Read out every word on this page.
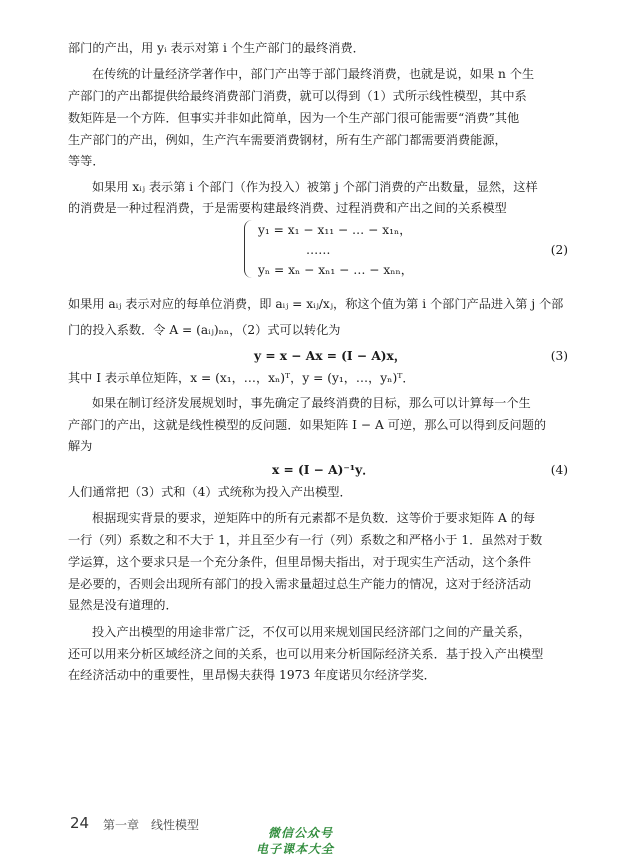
部门的产出，用 yᵢ 表示对第 i 个生产部门的最终消费．
在传统的计量经济学著作中，部门产出等于部门最终消费，也就是说，如果 n 个生
产部门的产出都提供给最终消费部门消费，就可以得到（1）式所示线性模型，其中系
数矩阵是一个方阵．但事实并非如此简单，因为一个生产部门很可能需要“消费”其他
生产部门的产出，例如，生产汽车需要消费钢材，所有生产部门都需要消费能源，
等等．
如果用 xᵢⱼ 表示第 i 个部门（作为投入）被第 j 个部门消费的产出数量，显然，这样
的消费是一种过程消费，于是需要构建最终消费、过程消费和产出之间的关系模型
y₁ = x₁ − x₁₁ − … − x₁ₙ，
……
yₙ = xₙ − xₙ₁ − … − xₙₙ，
(2)
如果用 aᵢⱼ 表示对应的每单位消费，即 aᵢⱼ = xᵢⱼ/xⱼ，称这个值为第 i 个部门产品进入第 j 个部
门的投入系数．令 A = (aᵢⱼ)ₙₙ，（2）式可以转化为
y = x − Ax = (I − A)x，	(3)
其中 I 表示单位矩阵，x = (x₁，…，xₙ)ᵀ，y = (y₁，…，yₙ)ᵀ．
如果在制订经济发展规划时，事先确定了最终消费的目标，那么可以计算每一个生
产部门的产出，这就是线性模型的反问题．如果矩阵 I − A 可逆，那么可以得到反问题的
解为
x = (I − A)⁻¹y．	(4)
人们通常把（3）式和（4）式统称为投入产出模型．
根据现实背景的要求，逆矩阵中的所有元素都不是负数．这等价于要求矩阵 A 的每
一行（列）系数之和不大于 1，并且至少有一行（列）系数之和严格小于 1．虽然对于数
学运算，这个要求只是一个充分条件，但里昂惕夫指出，对于现实生产活动，这个条件
是必要的，否则会出现所有部门的投入需求量超过总生产能力的情况，这对于经济活动
显然是没有道理的．
投入产出模型的用途非常广泛，不仅可以用来规划国民经济部门之间的产量关系，
还可以用来分析区域经济之间的关系，也可以用来分析国际经济关系．基于投入产出模型
在经济活动中的重要性，里昂惕夫获得 1973 年度诺贝尔经济学奖．
24 第一章　线性模型
微信公众号
电子课本大全
